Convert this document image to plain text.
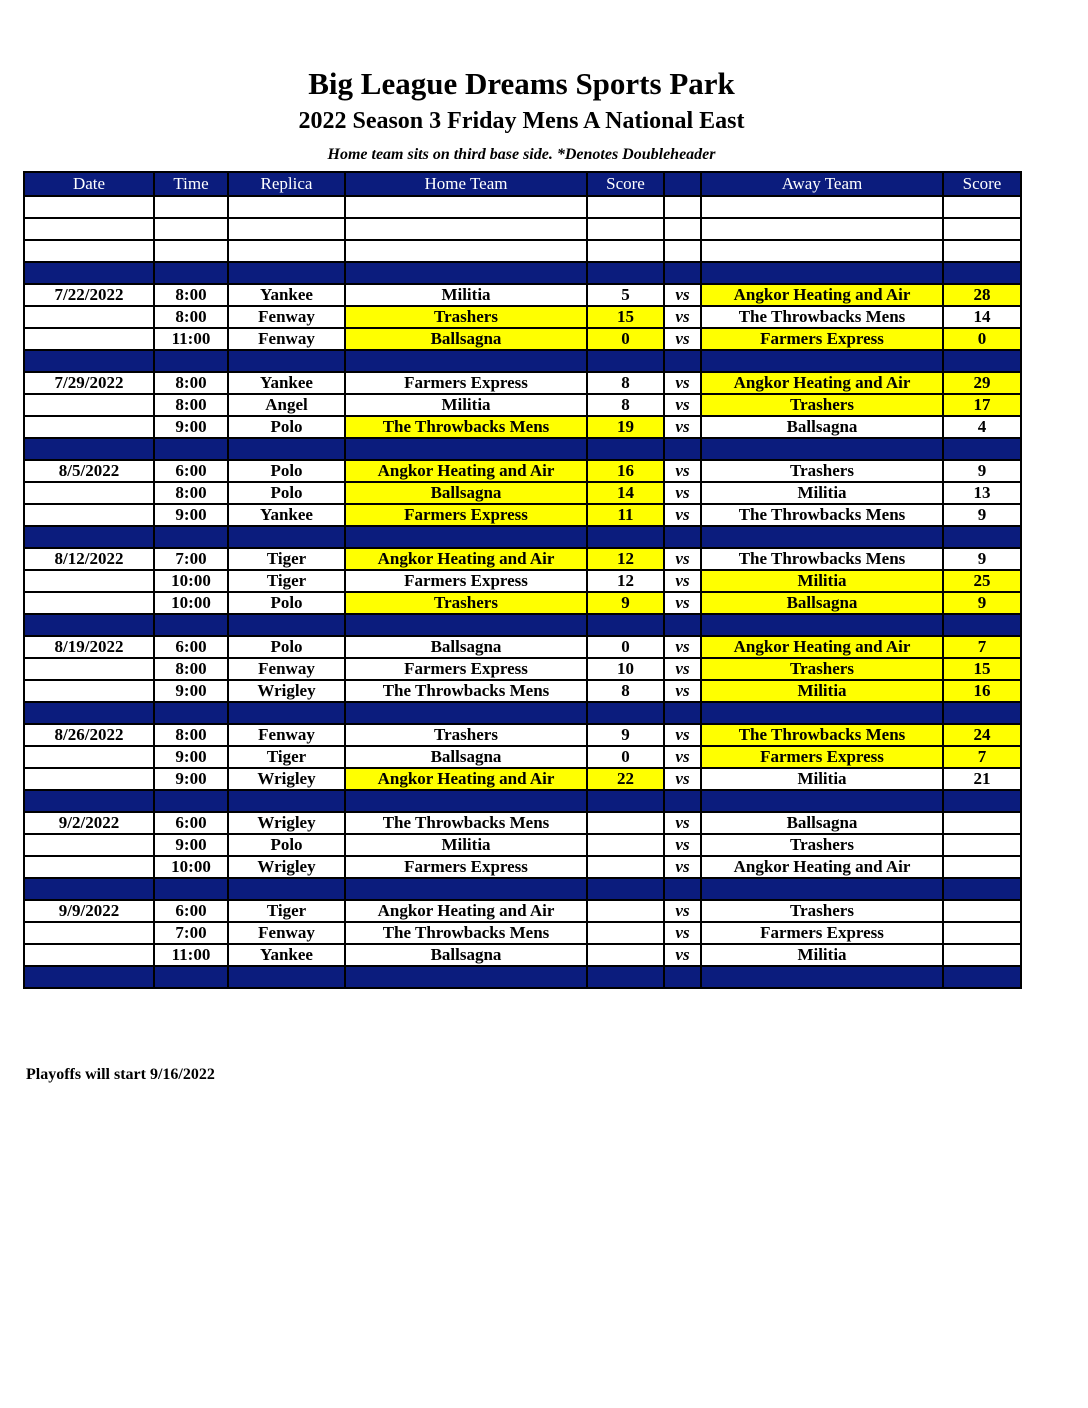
Big League Dreams Sports Park
2022 Season 3 Friday Mens A National East

Home team sits on third base side. *Denotes Doubleheader

Date	Time	Replica	Home Team	Score		Away Team	Score

7/22/2022	8:00	Yankee	Militia	5	vs	Angkor Heating and Air	28
	8:00	Fenway	Trashers	15	vs	The Throwbacks Mens	14
	11:00	Fenway	Ballsagna	0	vs	Farmers Express	0

7/29/2022	8:00	Yankee	Farmers Express	8	vs	Angkor Heating and Air	29
	8:00	Angel	Militia	8	vs	Trashers	17
	9:00	Polo	The Throwbacks Mens	19	vs	Ballsagna	4

8/5/2022	6:00	Polo	Angkor Heating and Air	16	vs	Trashers	9
	8:00	Polo	Ballsagna	14	vs	Militia	13
	9:00	Yankee	Farmers Express	11	vs	The Throwbacks Mens	9

8/12/2022	7:00	Tiger	Angkor Heating and Air	12	vs	The Throwbacks Mens	9
	10:00	Tiger	Farmers Express	12	vs	Militia	25
	10:00	Polo	Trashers	9	vs	Ballsagna	9

8/19/2022	6:00	Polo	Ballsagna	0	vs	Angkor Heating and Air	7
	8:00	Fenway	Farmers Express	10	vs	Trashers	15
	9:00	Wrigley	The Throwbacks Mens	8	vs	Militia	16

8/26/2022	8:00	Fenway	Trashers	9	vs	The Throwbacks Mens	24
	9:00	Tiger	Ballsagna	0	vs	Farmers Express	7
	9:00	Wrigley	Angkor Heating and Air	22	vs	Militia	21

9/2/2022	6:00	Wrigley	The Throwbacks Mens		vs	Ballsagna	
	9:00	Polo	Militia		vs	Trashers	
	10:00	Wrigley	Farmers Express		vs	Angkor Heating and Air	

9/9/2022	6:00	Tiger	Angkor Heating and Air		vs	Trashers	
	7:00	Fenway	The Throwbacks Mens		vs	Farmers Express	
	11:00	Yankee	Ballsagna		vs	Militia	

Playoffs will start 9/16/2022
